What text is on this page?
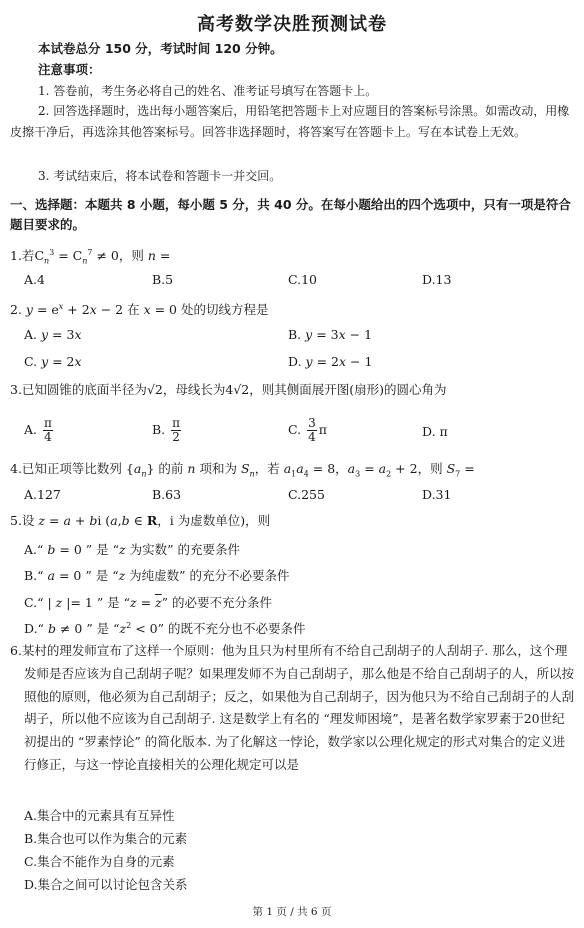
高考数学决胜预测试卷
本试卷总分 150 分，考试时间 120 分钟。
注意事项：
1. 答卷前，考生务必将自己的姓名、准考证号填写在答题卡上。
2. 回答选择题时，选出每小题答案后，用铅笔把答题卡上对应题目的答案标号涂黑。如需改动，用橡皮擦干净后，再选涂其他答案标号。回答非选择题时，将答案写在答题卡上。写在本试卷上无效。
3. 考试结束后，将本试卷和答题卡一并交回。
一、选择题：本题共 8 小题，每小题 5 分，共 40 分。在每小题给出的四个选项中，只有一项是符合题目要求的。
1.若$C_n^3 = C_n^7 \ne 0$，则 n =
A.4	B.5	C.10	D.13
2. $y = e^x + 2x - 2$ 在 x = 0 处的切线方程是
A. y = 3x	B. y = 3x − 1
C. y = 2x	D. y = 2x − 1
3.已知圆锥的底面半径为√2，母线长为4√2，则其侧面展开图(扇形)的圆心角为
A. $\frac{\pi}{4}$	B. $\frac{\pi}{2}$	C. $\frac{3}{4}$ π	D. π
4.已知正项等比数列 $\{a_n\}$ 的前 n 项和为 $S_n$，若 $a_1a_4 = 8$，$a_3 = a_2 + 2$，则 $S_7$ =
A.127	B.63	C.255	D.31
5.设 z = a + bi (a,b ∈ R，i 为虚数单位)，则
A.“ b = 0 ” 是 “z 为实数” 的充要条件
B.“ a = 0 ” 是 “z 为纯虚数” 的充分不必要条件
C.“ | z |= 1 ” 是 “$z = \overline{z}$” 的必要不充分条件
D.“ b ≠ 0 ” 是 “$z^2 < 0$” 的既不充分也不必要条件
6.某村的理发师宣布了这样一个原则：他为且只为村里所有不给自己刮胡子的人刮胡子. 那么，这个理发师是否应该为自己刮胡子呢？如果理发师不为自己刮胡子，那么他是不给自己刮胡子的人，所以按照他的原则，他必须为自己刮胡子；反之，如果他为自己刮胡子，因为他只为不给自己刮胡子的人刮胡子，所以他不应该为自己刮胡子. 这是数学上有名的 “理发师困境”，是著名数学家罗素于20世纪初提出的 “罗素悖论” 的简化版本. 为了化解这一悖论，数学家以公理化规定的形式对集合的定义进行修正，与这一悖论直接相关的公理化规定可以是
A.集合中的元素具有互异性
B.集合也可以作为集合的元素
C.集合不能作为自身的元素
D.集合之间可以讨论包含关系
第 1 页 / 共 6 页
